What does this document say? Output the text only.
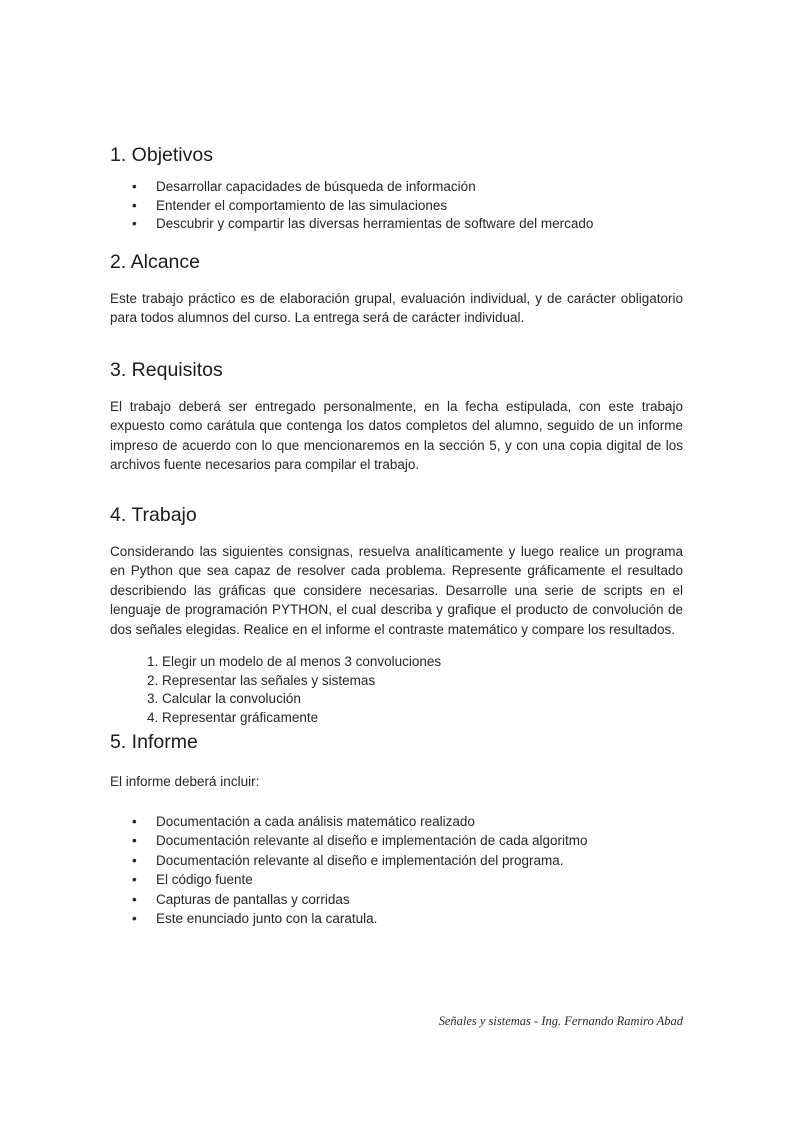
1. Objetivos
•
Desarrollar capacidades de búsqueda de información
•
Entender el comportamiento de las simulaciones
•
Descubrir y compartir las diversas herramientas de software del mercado
2. Alcance

Este trabajo práctico es de elaboración grupal, evaluación individual, y de carácter obligatorio para todos alumnos del curso. La entrega será de carácter individual.

3. Requisitos

El trabajo deberá ser entregado personalmente, en la fecha estipulada, con este trabajo expuesto como carátula que contenga los datos completos del alumno, seguido de un informe impreso de acuerdo con lo que mencionaremos en la sección 5, y con una copia digital de los archivos fuente necesarios para compilar el trabajo.

4. Trabajo

Considerando las siguientes consignas, resuelva analíticamente y luego realice un programa en Python que sea capaz de resolver cada problema. Represente gráficamente el resultado describiendo las gráficas que considere necesarias. Desarrolle una serie de scripts en el lenguaje de programación PYTHON, el cual describa y grafique el producto de convolución de dos señales elegidas. Realice en el informe el contraste matemático y compare los resultados.

1. Elegir un modelo de al menos 3 convoluciones
2. Representar las señales y sistemas
3. Calcular la convolución
4. Representar gráficamente
5. Informe
El informe deberá incluir:
•
Documentación a cada análisis matemático realizado
•
Documentación relevante al diseño e implementación de cada algoritmo
•
Documentación relevante al diseño e implementación del programa.
•
El código fuente
•
Capturas de pantallas y corridas
•
Este enunciado junto con la caratula.
Señales y sistemas - Ing. Fernando Ramiro Abad
